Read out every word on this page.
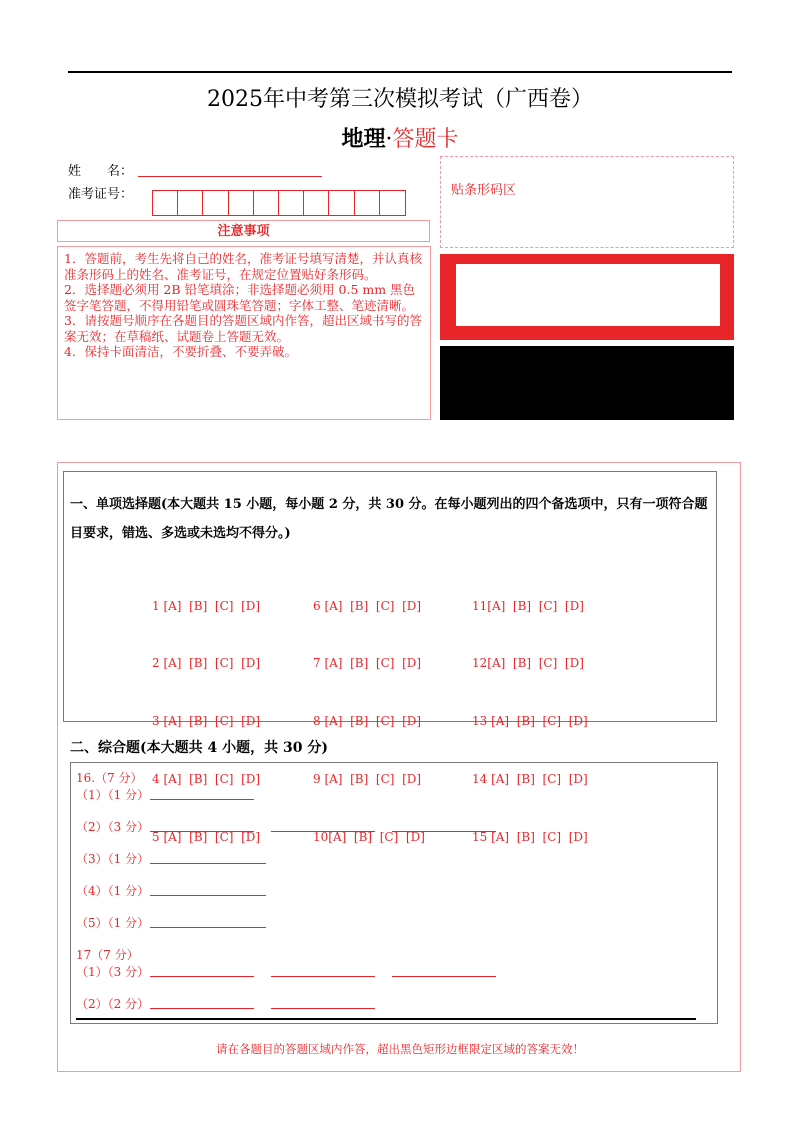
2025年中考第三次模拟考试（广西卷）
地理·答题卡
姓　　名：
准考证号：
注意事项
1．答题前，考生先将自己的姓名，准考证号填写清楚，并认真核准条形码上的姓名、准考证号，在规定位置贴好条形码。
2．选择题必须用 2B 铅笔填涂；非选择题必须用 0.5 mm 黑色签字笔答题，不得用铅笔或圆珠笔答题；字体工整、笔迹清晰。
3．请按题号顺序在各题目的答题区域内作答，超出区域书写的答案无效；在草稿纸、试题卷上答题无效。
4．保持卡面清洁，不要折叠、不要弄破。
贴条形码区
一、单项选择题(本大题共 15 小题，每小题 2 分，共 30 分。在每小题列出的四个备选项中，只有一项符合题目要求，错选、多选或未选均不得分。)

1 [A]  [B]  [C]  [D]

2 [A]  [B]  [C]  [D]

3 [A]  [B]  [C]  [D]

4 [A]  [B]  [C]  [D]

5 [A]  [B]  [C]  [D]

6 [A]  [B]  [C]  [D]

7 [A]  [B]  [C]  [D]

8 [A]  [B]  [C]  [D]

9 [A]  [B]  [C]  [D]

10[A]  [B]  [C]  [D]

11[A]  [B]  [C]  [D]

12[A]  [B]  [C]  [D]

13 [A]  [B]  [C]  [D]

14 [A]  [B]  [C]  [D]

15 [A]  [B]  [C]  [D]

二、综合题(本大题共 4 小题，共 30 分)
16.（7 分）
（1）（1 分）
（2）（3 分）
（3）（1 分）
（4）（1 分）
（5）（1 分）
17（7 分）
（1）（3 分）
（2）（2 分）
请在各题目的答题区域内作答，超出黑色矩形边框限定区域的答案无效！
